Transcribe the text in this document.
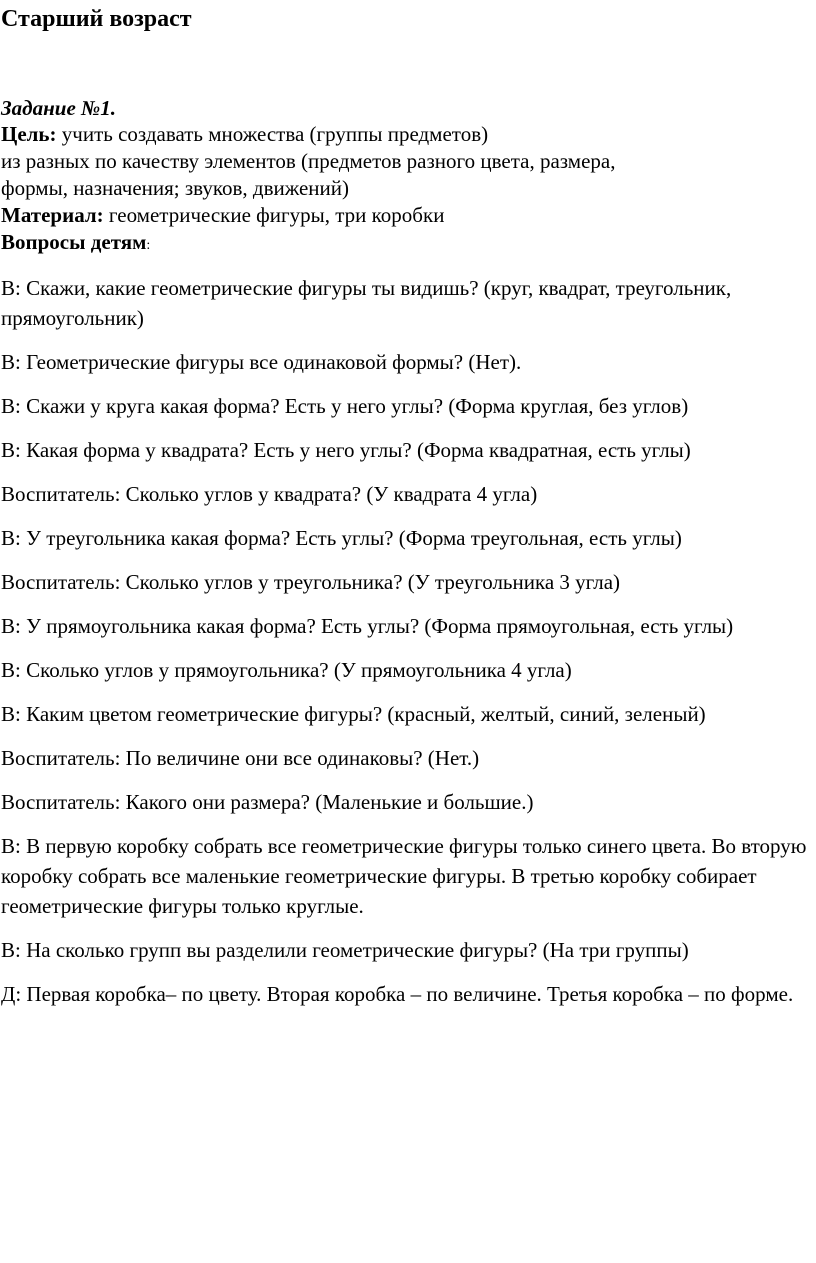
Старший возраст

Задание №1.

Цель: учить создавать множества (группы предметов)
из разных по качеству элементов (предметов разного цвета, размера,
формы, назначения; звуков, движений)

Материал: геометрические фигуры, три коробки

Вопросы детям:

В: Скажи, какие геометрические фигуры ты видишь? (круг, квадрат, треугольник, прямоугольник)
В: Геометрические фигуры все одинаковой формы? (Нет).
В: Скажи у круга какая форма? Есть у него углы? (Форма круглая, без углов)
В: Какая форма у квадрата? Есть у него углы? (Форма квадратная, есть углы)
Воспитатель: Сколько углов у квадрата? (У квадрата 4 угла)
В: У треугольника какая форма? Есть углы? (Форма треугольная, есть углы)
Воспитатель: Сколько углов у треугольника? (У треугольника 3 угла)
В: У прямоугольника какая форма? Есть углы? (Форма прямоугольная, есть углы)
В: Сколько углов у прямоугольника? (У прямоугольника 4 угла)
В: Каким цветом геометрические фигуры? (красный, желтый, синий, зеленый)
Воспитатель: По величине они все одинаковы? (Нет.)
Воспитатель: Какого они размера? (Маленькие и большие.)
В: В первую коробку собрать все геометрические фигуры только синего цвета. Во вторую коробку собрать все маленькие геометрические фигуры. В третью коробку собирает геометрические фигуры только круглые.
В: На сколько групп вы разделили геометрические фигуры? (На три группы)
Д: Первая коробка– по цвету. Вторая коробка – по величине. Третья коробка – по форме.
